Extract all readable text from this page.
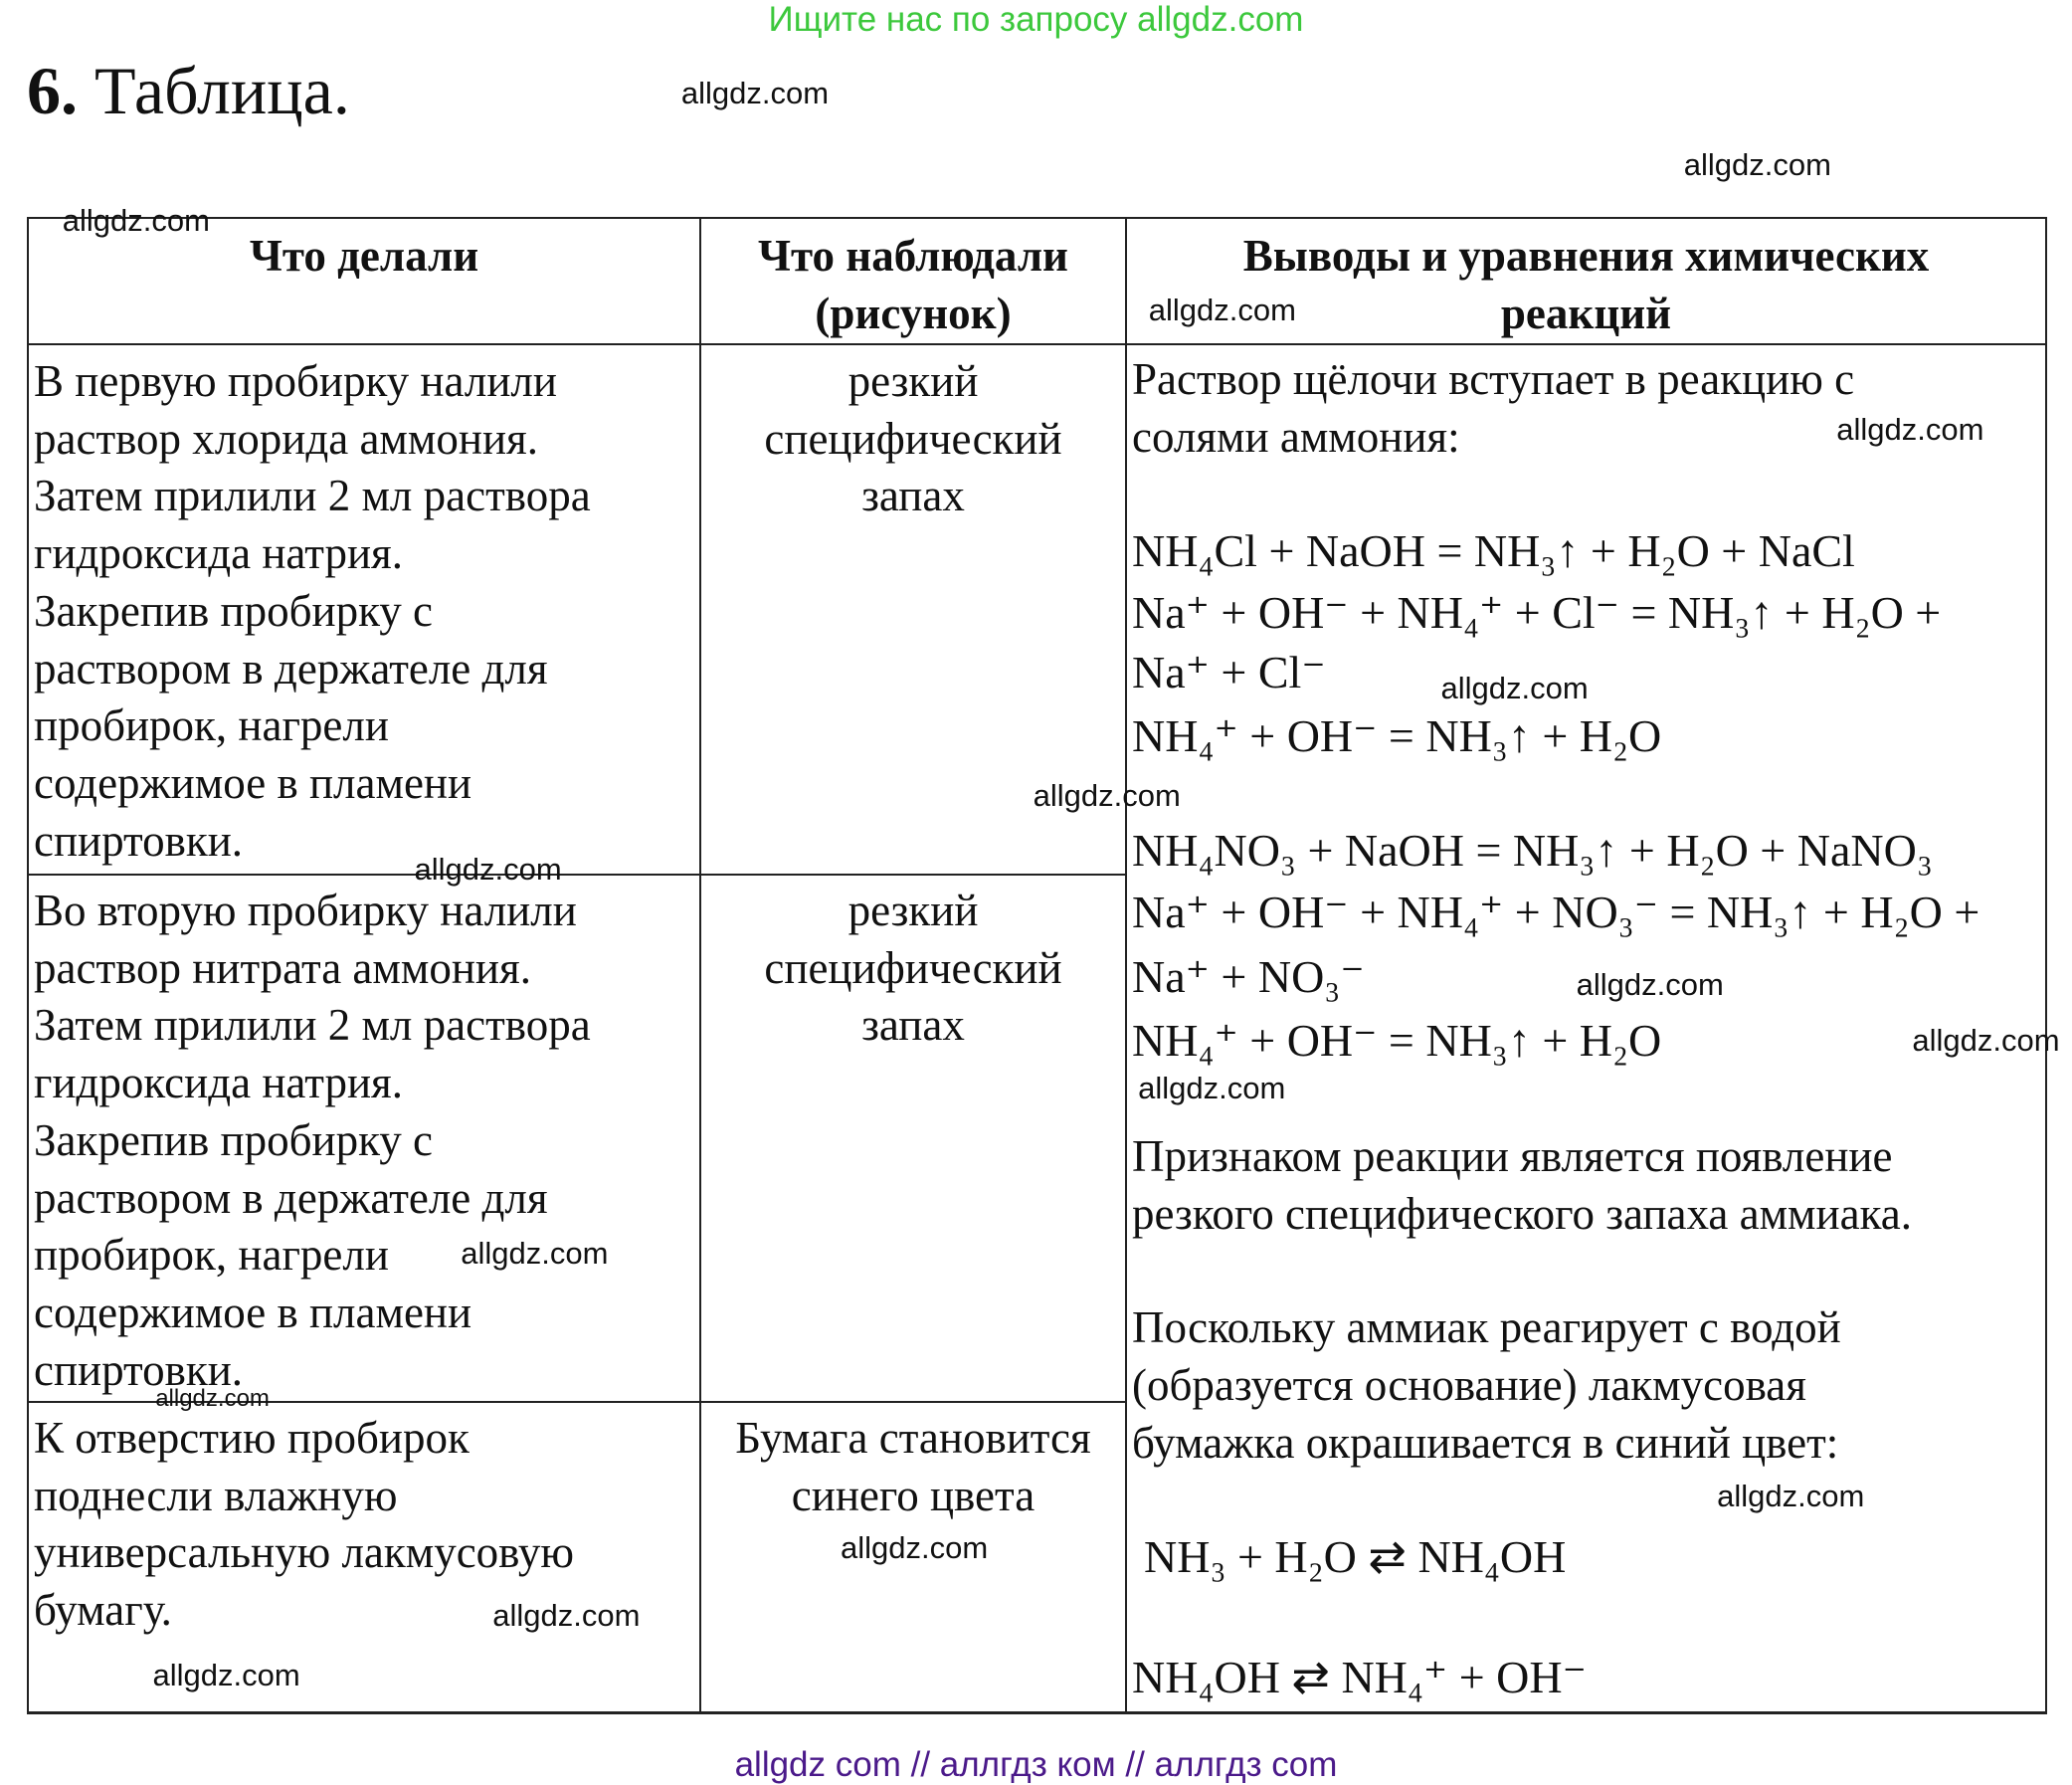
Ищите нас по запросу allgdz.com
6. Таблица.
Что делали	Что наблюдали
(рисунок)
Выводы и уравнения химических
реакций
В первую пробирку налили
раствор хлорида аммония.
Затем прилили 2 мл раствора
гидроксида натрия.
Закрепив пробирку с
раствором в держателе для
пробирок, нагрели
содержимое в пламени
спиртовки.
резкий
специфический
запах
Во вторую пробирку налили
раствор нитрата аммония.
Затем прилили 2 мл раствора
гидроксида натрия.
Закрепив пробирку с
раствором в держателе для
пробирок, нагрели
содержимое в пламени
спиртовки.
резкий
специфический
запах
К отверстию пробирок
поднесли влажную
универсальную лакмусовую
бумагу.
Бумага становится
синего цвета
Раствор щёлочи вступает в реакцию с
солями аммония:
NH₄Cl + NaOH = NH₃↑ + H₂O + NaCl
Na⁺ + OH⁻ + NH₄⁺ + Cl⁻ = NH₃↑ + H₂O +
Na⁺ + Cl⁻
NH₄⁺ + OH⁻ = NH₃↑ + H₂O
NH₄NO₃ + NaOH = NH₃↑ + H₂O + NaNO₃
Na⁺ + OH⁻ + NH₄⁺ + NO₃⁻ = NH₃↑ + H₂O +
Na⁺ + NO₃⁻
NH₄⁺ + OH⁻ = NH₃↑ + H₂O
Признаком реакции является появление
резкого специфического запаха аммиака.
Поскольку аммиак реагирует с водой
(образуется основание) лакмусовая
бумажка окрашивается в синий цвет:
NH₃ + H₂O ⇄ NH₄OH
NH₄OH ⇄ NH₄⁺ + OH⁻
allgdz.com
allgdz.com
allgdz.com
allgdz.com
allgdz.com
allgdz.com
allgdz.com
allgdz.com
allgdz.com
allgdz.com
allgdz.com
allgdz.com
allgdz.com
allgdz.com
allgdz.com
allgdz.com
allgdz.com
allgdz com // аллгдз ком // аллгдз com
